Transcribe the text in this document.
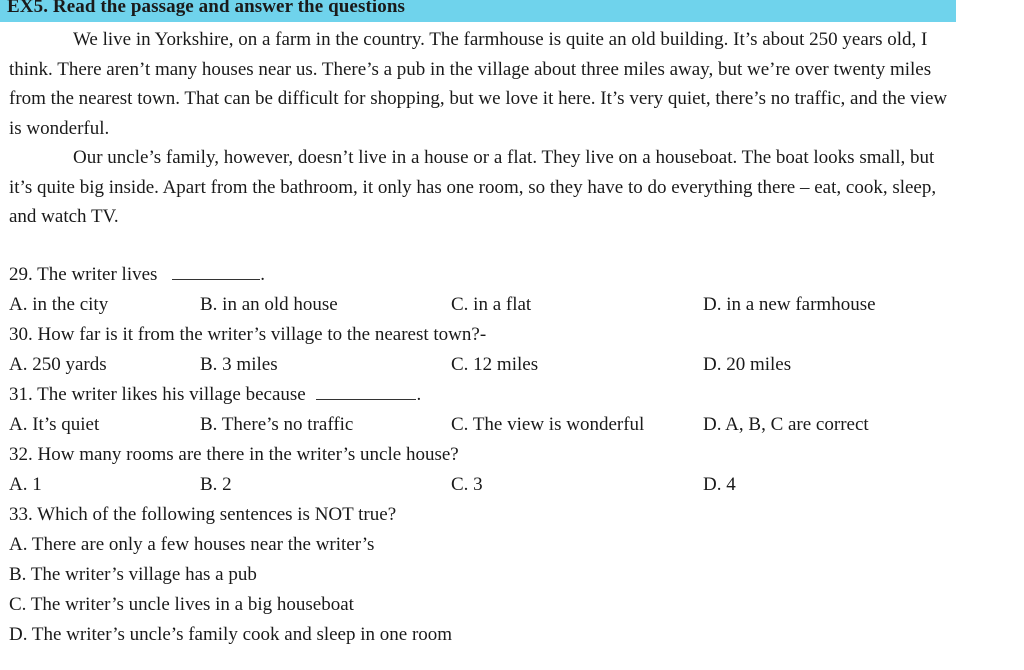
EX5. Read the passage and answer the questions

We live in Yorkshire, on a farm in the country. The farmhouse is quite an old building. It’s about 250 years old, I think. There aren’t many houses near us. There’s a pub in the village about three miles away, but we’re over twenty miles from the nearest town. That can be difficult for shopping, but we love it here. It’s very quiet, there’s no traffic, and the view is wonderful.

Our uncle’s family, however, doesn’t live in a house or a flat. They live on a houseboat. The boat looks small, but it’s quite big inside. Apart from the bathroom, it only has one room, so they have to do everything there – eat, cook, sleep, and watch TV.

29. The writer lives	.
A. in the city	B. in an old house	C. in a flat	D. in a new farmhouse
30. How far is it from the writer’s village to the nearest town?-
A. 250 yards	B. 3 miles	C. 12 miles	D. 20 miles
31. The writer likes his village because	.
A. It’s quiet	B. There’s no traffic	C. The view is wonderful	D. A, B, C are correct
32. How many rooms are there in the writer’s uncle house?
A. 1	B. 2	C. 3	D. 4
33. Which of the following sentences is NOT true?
A. There are only a few houses near the writer’s
B. The writer’s village has a pub
C. The writer’s uncle lives in a big houseboat
D. The writer’s uncle’s family cook and sleep in one room
